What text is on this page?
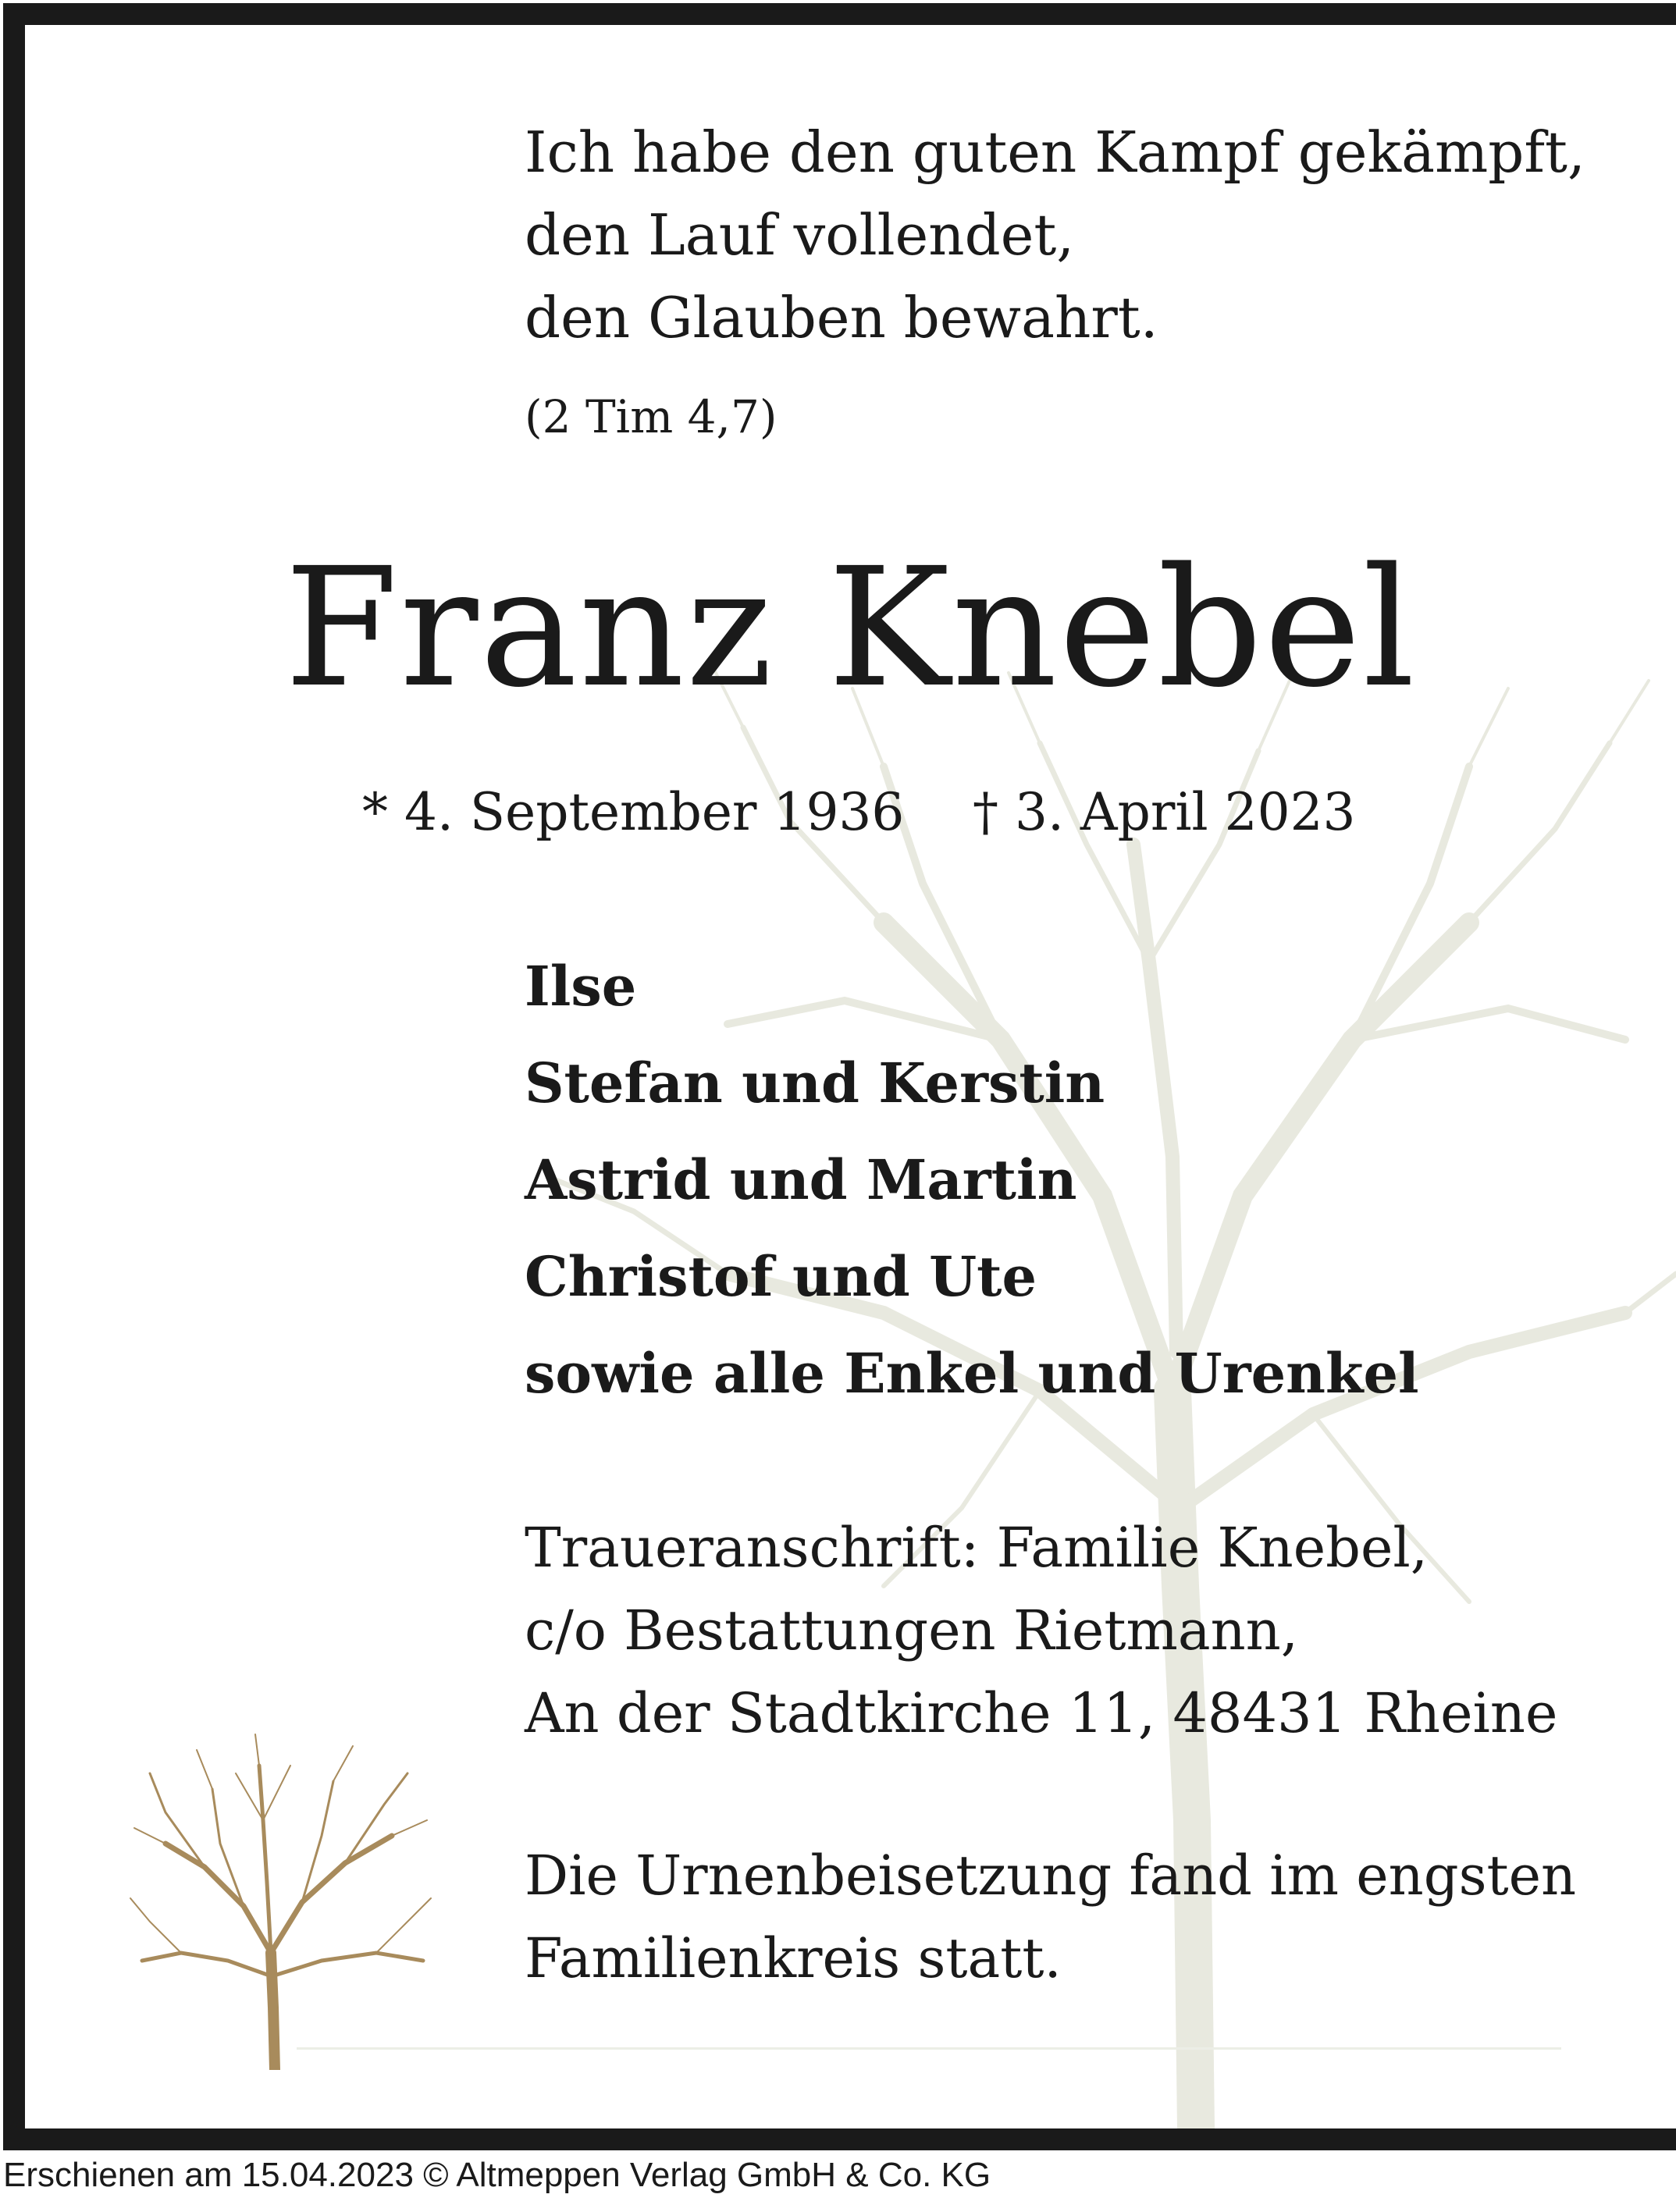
Ich habe den guten Kampf gekämpft,
den Lauf vollendet,
den Glauben bewahrt.
(2 Tim 4,7)
Franz Knebel
* 4. September 1936 † 3. April 2023
Ilse
Stefan und Kerstin
Astrid und Martin
Christof und Ute
sowie alle Enkel und Urenkel
Traueranschrift: Familie Knebel,
c/o Bestattungen Rietmann,
An der Stadtkirche 11, 48431 Rheine
Die Urnenbeisetzung fand im engsten
Familienkreis statt.
Erschienen am 15.04.2023 © Altmeppen Verlag GmbH & Co. KG
